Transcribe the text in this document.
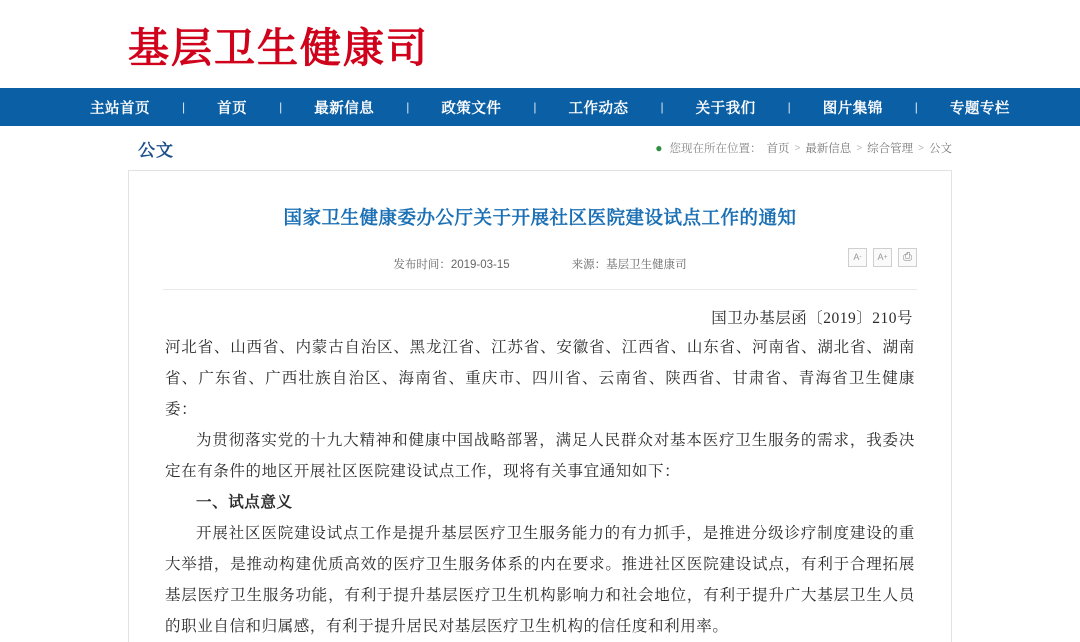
基层卫生健康司
主站首页	| 首页	| 最新信息	| 政策文件	| 工作动态	| 关于我们	| 图片集锦	| 专题专栏
公文	● 您现在所在位置： 首页 > 最新信息 > 综合管理 > 公文
国家卫生健康委办公厅关于开展社区医院建设试点工作的通知
发布时间：2019-03-15	来源：基层卫生健康司
A - A +	⎙
国卫办基层函〔2019〕210号

河北省、山西省、内蒙古自治区、黑龙江省、江苏省、安徽省、江西省、山东省、河南省、湖北省、湖南省、广东省、广西壮族自治区、海南省、重庆市、四川省、云南省、陕西省、甘肃省、青海省卫生健康委：

为贯彻落实党的十九大精神和健康中国战略部署，满足人民群众对基本医疗卫生服务的需求，我委决定在有条件的地区开展社区医院建设试点工作，现将有关事宜通知如下：

一、试点意义

开展社区医院建设试点工作是提升基层医疗卫生服务能力的有力抓手，是推进分级诊疗制度建设的重大举措，是推动构建优质高效的医疗卫生服务体系的内在要求。推进社区医院建设试点，有利于合理拓展基层医疗卫生服务功能，有利于提升基层医疗卫生机构影响力和社会地位，有利于提升广大基层卫生人员的职业自信和归属感，有利于提升居民对基层医疗卫生机构的信任度和利用率。
